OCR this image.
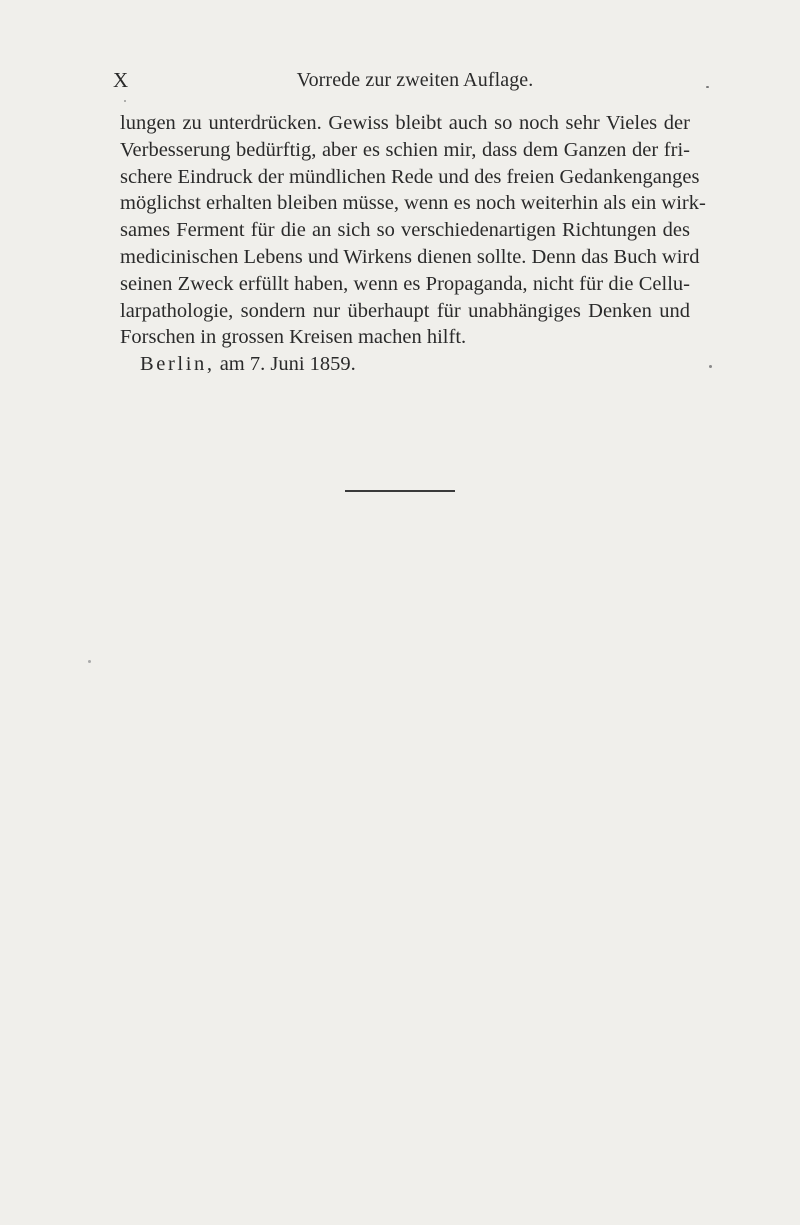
X	Vorrede zur zweiten Auflage.
lungen zu unterdrücken. Gewiss bleibt auch so noch sehr Vieles der
Verbesserung bedürftig, aber es schien mir, dass dem Ganzen der fri-
schere Eindruck der mündlichen Rede und des freien Gedankenganges
möglichst erhalten bleiben müsse, wenn es noch weiterhin als ein wirk-
sames Ferment für die an sich so verschiedenartigen Richtungen des
medicinischen Lebens und Wirkens dienen sollte. Denn das Buch wird
seinen Zweck erfüllt haben, wenn es Propaganda, nicht für die Cellu-
larpathologie, sondern nur überhaupt für unabhängiges Denken und
Forschen in grossen Kreisen machen hilft.
Berlin, am 7. Juni 1859.
